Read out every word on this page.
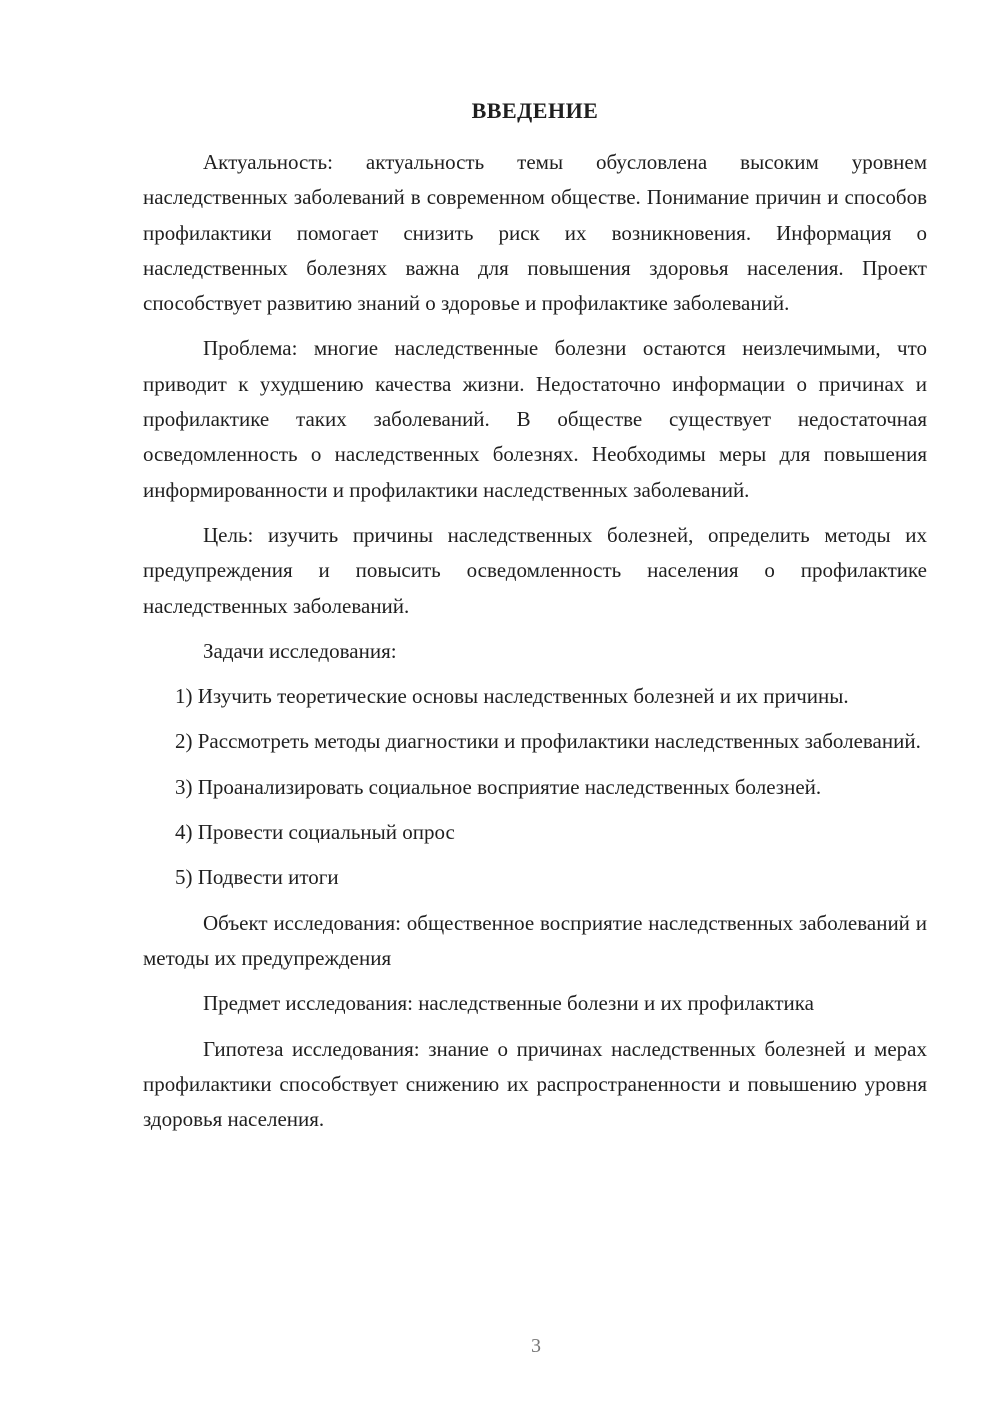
ВВЕДЕНИЕ

Актуальность: актуальность темы обусловлена высоким уровнем наследственных заболеваний в современном обществе. Понимание причин и способов профилактики помогает снизить риск их возникновения. Информация о наследственных болезнях важна для повышения здоровья населения. Проект способствует развитию знаний о здоровье и профилактике заболеваний.

Проблема: многие наследственные болезни остаются неизлечимыми, что приводит к ухудшению качества жизни. Недостаточно информации о причинах и профилактике таких заболеваний. В обществе существует недостаточная осведомленность о наследственных болезнях. Необходимы меры для повышения информированности и профилактики наследственных заболеваний.

Цель: изучить причины наследственных болезней, определить методы их предупреждения и повысить осведомленность населения о профилактике наследственных заболеваний.

Задачи исследования:

1) Изучить теоретические основы наследственных болезней и их причины.

2) Рассмотреть методы диагностики и профилактики наследственных заболеваний.

3) Проанализировать социальное восприятие наследственных болезней.

4) Провести социальный опрос

5) Подвести итоги

Объект исследования: общественное восприятие наследственных заболеваний и методы их предупреждения

Предмет исследования: наследственные болезни и их профилактика

Гипотеза исследования: знание о причинах наследственных болезней и мерах профилактики способствует снижению их распространенности и повышению уровня здоровья населения.

3
